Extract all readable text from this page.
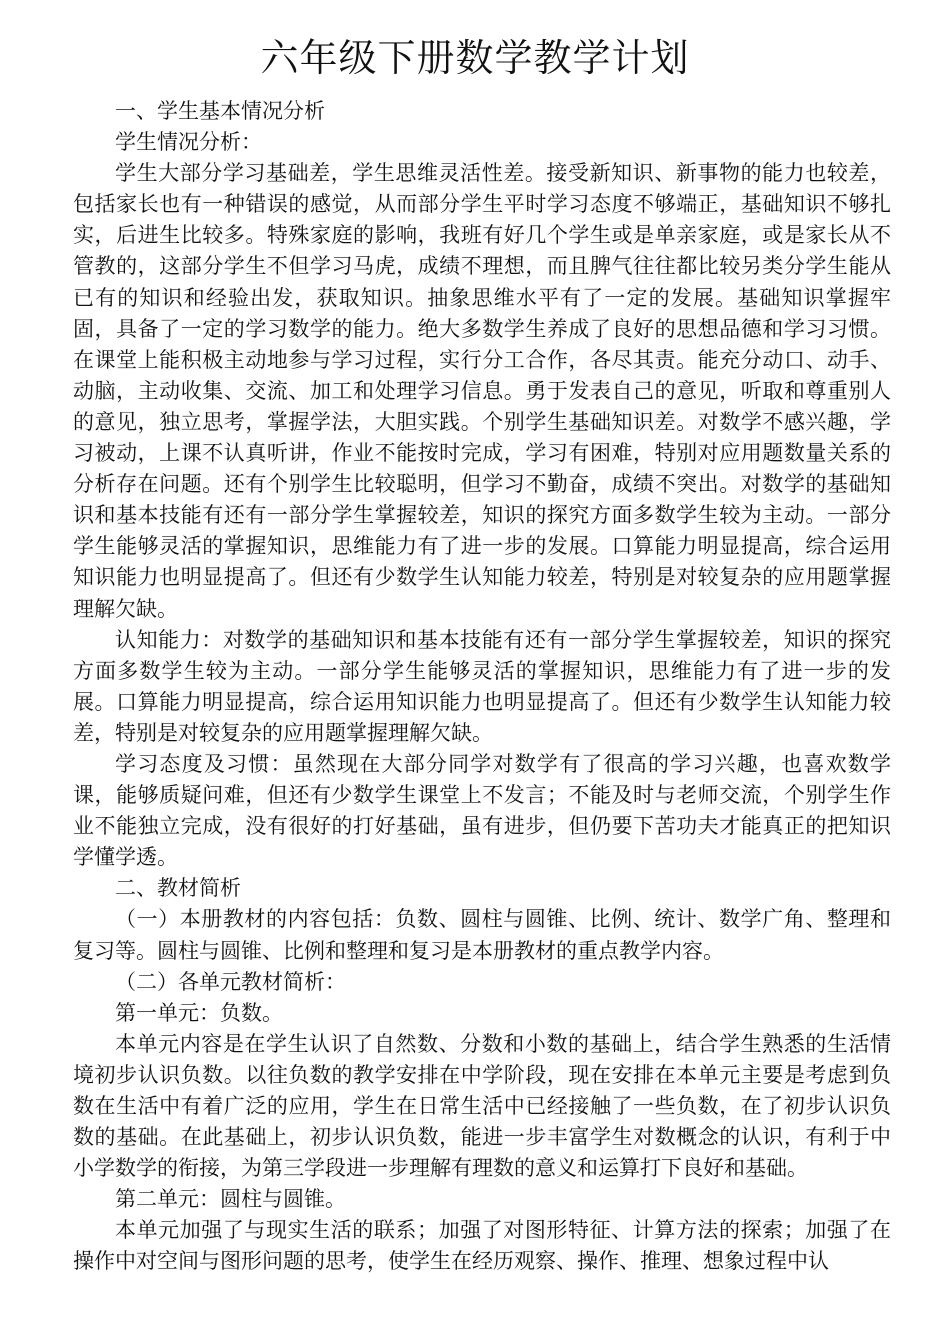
六年级下册数学教学计划

一、学生基本情况分析

学生情况分析：

学生大部分学习基础差，学生思维灵活性差。接受新知识、新事物的能力也较差，包括家长也有一种错误的感觉，从而部分学生平时学习态度不够端正，基础知识不够扎实，后进生比较多。特殊家庭的影响，我班有好几个学生或是单亲家庭，或是家长从不管教的，这部分学生不但学习马虎，成绩不理想，而且脾气往往都比较另类分学生能从已有的知识和经验出发，获取知识。抽象思维水平有了一定的发展。基础知识掌握牢固，具备了一定的学习数学的能力。绝大多数学生养成了良好的思想品德和学习习惯。在课堂上能积极主动地参与学习过程，实行分工合作，各尽其责。能充分动口、动手、动脑，主动收集、交流、加工和处理学习信息。勇于发表自己的意见，听取和尊重别人的意见，独立思考，掌握学法，大胆实践。个别学生基础知识差。对数学不感兴趣，学习被动，上课不认真听讲，作业不能按时完成，学习有困难，特别对应用题数量关系的分析存在问题。还有个别学生比较聪明，但学习不勤奋，成绩不突出。对数学的基础知识和基本技能有还有一部分学生掌握较差，知识的探究方面多数学生较为主动。一部分学生能够灵活的掌握知识，思维能力有了进一步的发展。口算能力明显提高，综合运用知识能力也明显提高了。但还有少数学生认知能力较差，特别是对较复杂的应用题掌握理解欠缺。

认知能力：对数学的基础知识和基本技能有还有一部分学生掌握较差，知识的探究方面多数学生较为主动。一部分学生能够灵活的掌握知识，思维能力有了进一步的发展。口算能力明显提高，综合运用知识能力也明显提高了。但还有少数学生认知能力较差，特别是对较复杂的应用题掌握理解欠缺。

学习态度及习惯：虽然现在大部分同学对数学有了很高的学习兴趣，也喜欢数学课，能够质疑问难，但还有少数学生课堂上不发言；不能及时与老师交流，个别学生作业不能独立完成，没有很好的打好基础，虽有进步，但仍要下苦功夫才能真正的把知识学懂学透。

二、教材简析

（一）本册教材的内容包括：负数、圆柱与圆锥、比例、统计、数学广角、整理和复习等。圆柱与圆锥、比例和整理和复习是本册教材的重点教学内容。

（二）各单元教材简析：

第一单元：负数。

本单元内容是在学生认识了自然数、分数和小数的基础上，结合学生熟悉的生活情境初步认识负数。以往负数的教学安排在中学阶段，现在安排在本单元主要是考虑到负数在生活中有着广泛的应用，学生在日常生活中已经接触了一些负数，在了初步认识负数的基础。在此基础上，初步认识负数，能进一步丰富学生对数概念的认识，有利于中小学数学的衔接，为第三学段进一步理解有理数的意义和运算打下良好和基础。

第二单元：圆柱与圆锥。

本单元加强了与现实生活的联系；加强了对图形特征、计算方法的探索；加强了在操作中对空间与图形问题的思考，使学生在经历观察、操作、推理、想象过程中认
